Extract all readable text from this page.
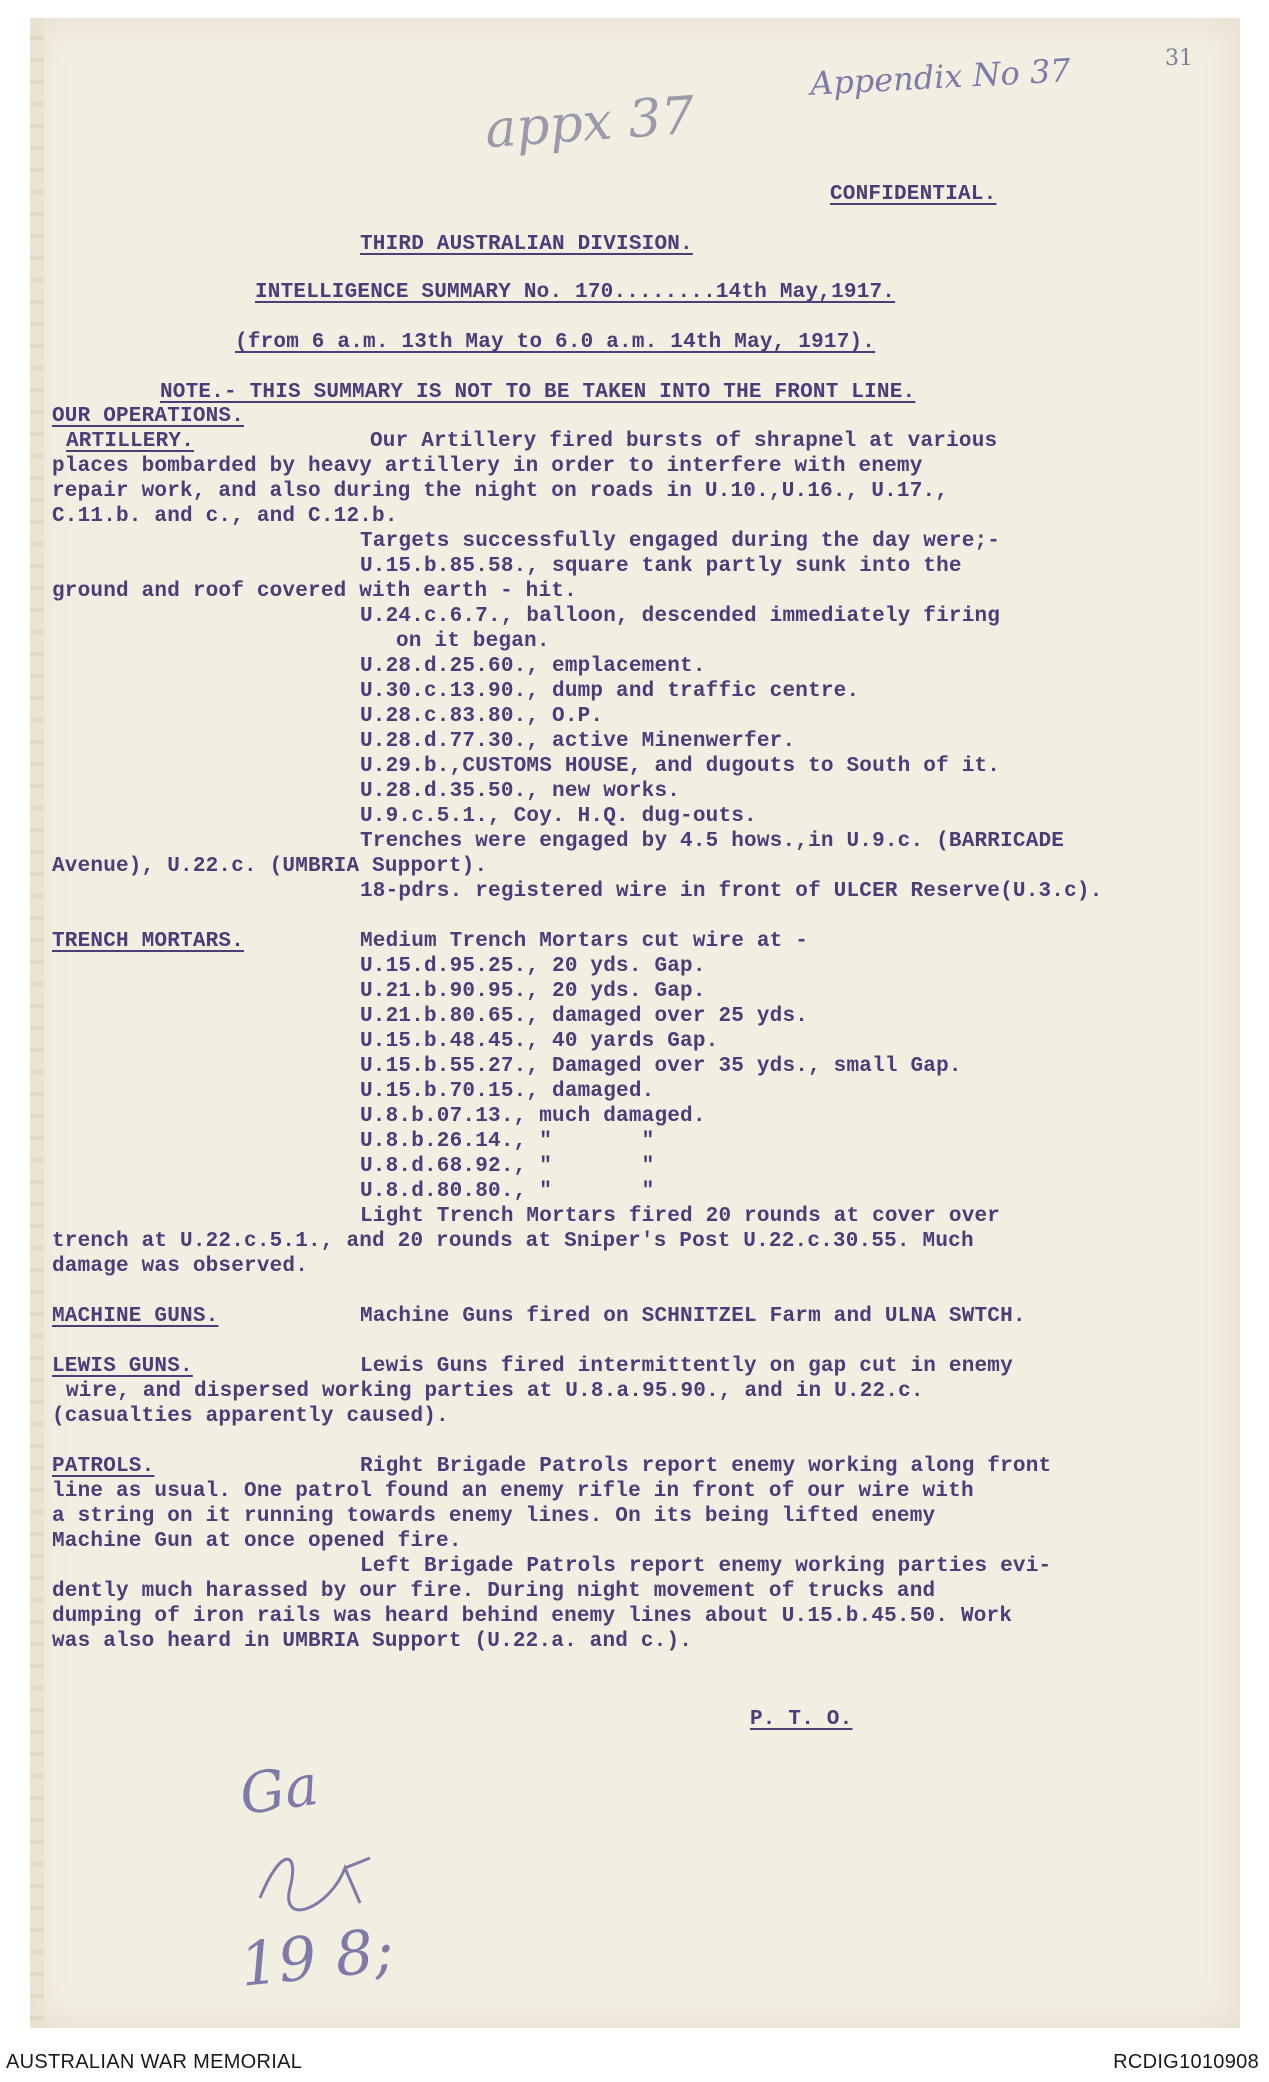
31
Appendix No 37
appx 37
CONFIDENTIAL.
THIRD AUSTRALIAN DIVISION.
INTELLIGENCE SUMMARY No. 170........14th May,1917.
(from 6 a.m. 13th May to 6.0 a.m. 14th May, 1917).
NOTE.- THIS SUMMARY IS NOT TO BE TAKEN INTO THE FRONT LINE.
OUR OPERATIONS.
ARTILLERY.	Our Artillery fired bursts of shrapnel at various
places bombarded by heavy artillery in order to interfere with enemy
repair work, and also during the night on roads in U.10.,U.16., U.17.,
C.11.b. and c., and C.12.b.
Targets successfully engaged during the day were;-
U.15.b.85.58., square tank partly sunk into the
ground and roof covered with earth - hit.
U.24.c.6.7., balloon, descended immediately firing
on it began.
U.28.d.25.60., emplacement.
U.30.c.13.90., dump and traffic centre.
U.28.c.83.80., O.P.
U.28.d.77.30., active Minenwerfer.
U.29.b.,CUSTOMS HOUSE, and dugouts to South of it.
U.28.d.35.50., new works.
U.9.c.5.1., Coy. H.Q. dug-outs.
Trenches were engaged by 4.5 hows.,in U.9.c. (BARRICADE
Avenue), U.22.c. (UMBRIA Support).
18-pdrs. registered wire in front of ULCER Reserve(U.3.c).
TRENCH MORTARS.	Medium Trench Mortars cut wire at -
U.15.d.95.25., 20 yds. Gap.
U.21.b.90.95., 20 yds. Gap.
U.21.b.80.65., damaged over 25 yds.
U.15.b.48.45., 40 yards Gap.
U.15.b.55.27., Damaged over 35 yds., small Gap.
U.15.b.70.15., damaged.
U.8.b.07.13., much damaged.
U.8.b.26.14., "       "
U.8.d.68.92., "       "
U.8.d.80.80., "       "
Light Trench Mortars fired 20 rounds at cover over
trench at U.22.c.5.1., and 20 rounds at Sniper's Post U.22.c.30.55. Much
damage was observed.
MACHINE GUNS.	Machine Guns fired on SCHNITZEL Farm and ULNA SWTCH.
LEWIS GUNS.	Lewis Guns fired intermittently on gap cut in enemy
wire, and dispersed working parties at U.8.a.95.90., and in U.22.c.
(casualties apparently caused).
PATROLS.	Right Brigade Patrols report enemy working along front
line as usual. One patrol found an enemy rifle in front of our wire with
a string on it running towards enemy lines. On its being lifted enemy
Machine Gun at once opened fire.
Left Brigade Patrols report enemy working parties evi-
dently much harassed by our fire. During night movement of trucks and
dumping of iron rails was heard behind enemy lines about U.15.b.45.50. Work
was also heard in UMBRIA Support (U.22.a. and c.).
P. T. O.
Ga
19 8;
AUSTRALIAN WAR MEMORIAL	RCDIG1010908
